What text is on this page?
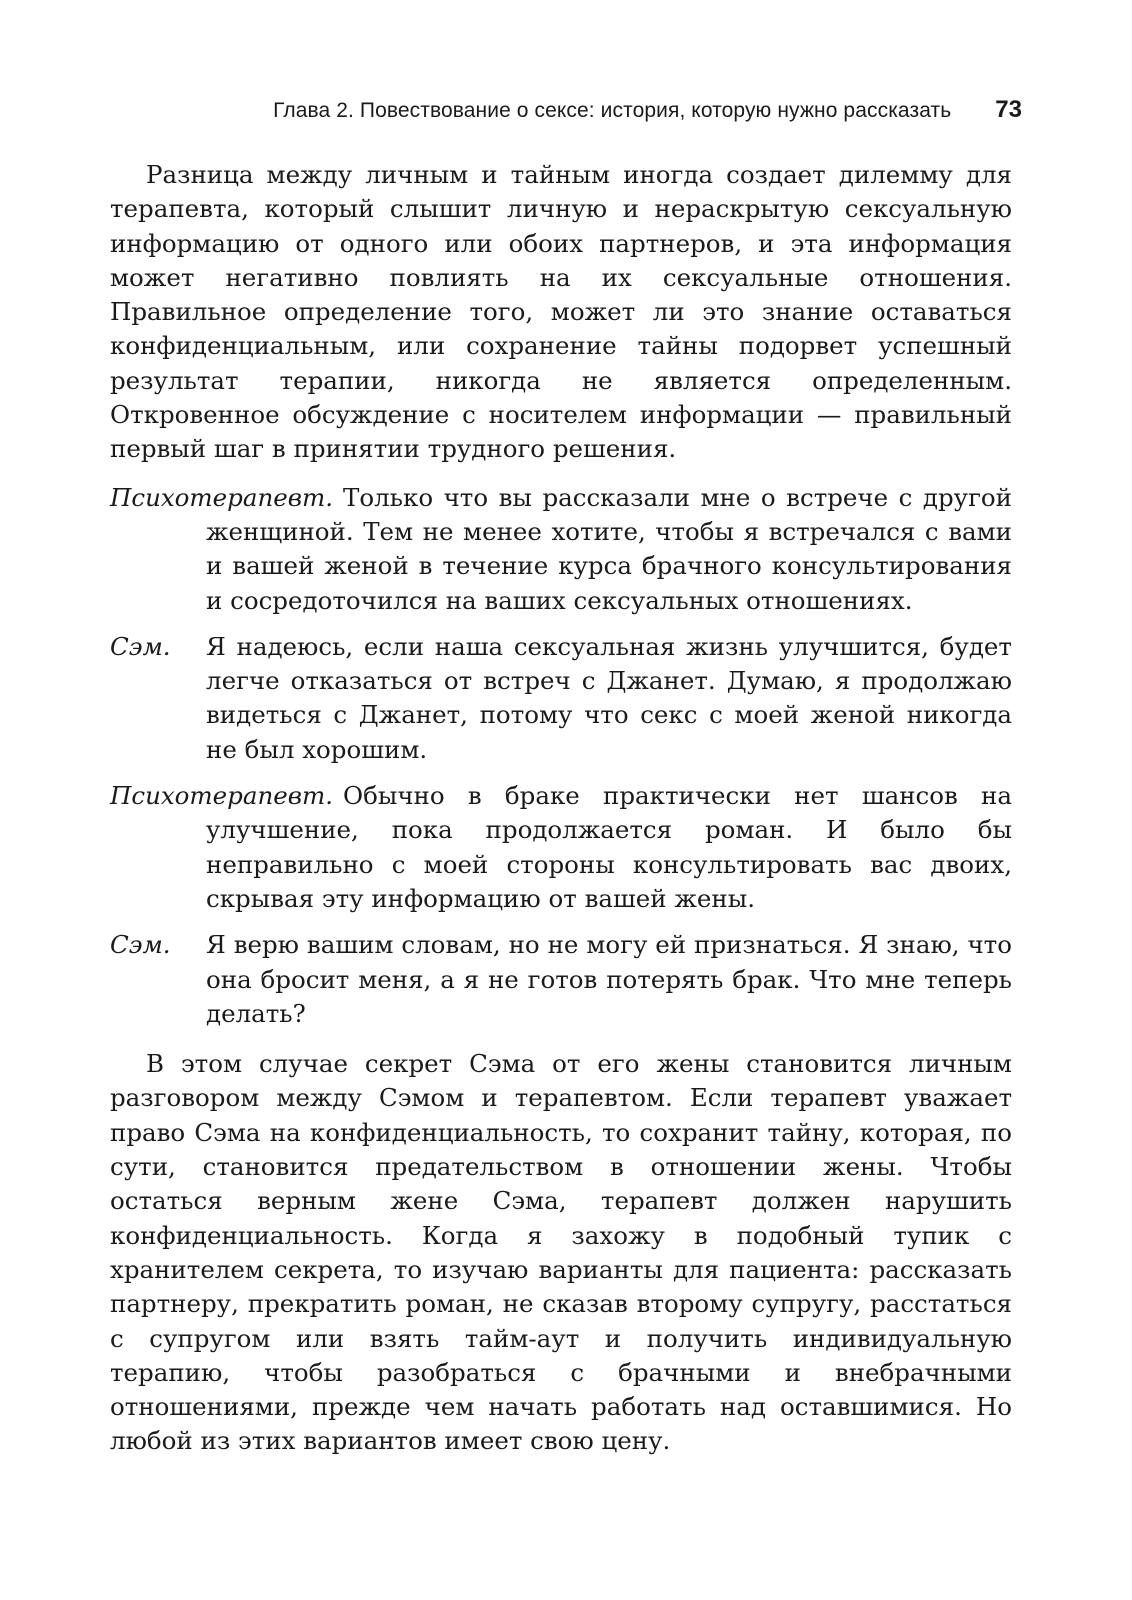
Глава 2. Повествование о сексе: история, которую нужно рассказать 73

Разница между личным и тайным иногда создает дилемму для терапевта, который слышит личную и нераскрытую сексуальную информацию от одного или обоих партнеров, и эта информация может негативно повлиять на их сексуальные отношения. Правильное определение того, может ли это знание оставаться конфиденциальным, или сохранение тайны подорвет успешный результат терапии, никогда не является определенным. Откровенное обсуждение с носителем информации — правильный первый шаг в принятии трудного решения.

Психотерапевт. Только что вы рассказали мне о встрече с другой женщиной. Тем не менее хотите, чтобы я встречался с вами и вашей женой в течение курса брачного консультирования и сосредоточился на ваших сексуальных отношениях.

Сэм. Я надеюсь, если наша сексуальная жизнь улучшится, будет легче отказаться от встреч с Джанет. Думаю, я продолжаю видеться с Джанет, потому что секс с моей женой никогда не был хорошим.

Психотерапевт. Обычно в браке практически нет шансов на улучшение, пока продолжается роман. И было бы неправильно с моей стороны консультировать вас двоих, скрывая эту информацию от вашей жены.

Сэм. Я верю вашим словам, но не могу ей признаться. Я знаю, что она бросит меня, а я не готов потерять брак. Что мне теперь делать?

В этом случае секрет Сэма от его жены становится личным разговором между Сэмом и терапевтом. Если терапевт уважает право Сэма на конфиденциальность, то сохранит тайну, которая, по сути, становится предательством в отношении жены. Чтобы остаться верным жене Сэма, терапевт должен нарушить конфиденциальность. Когда я захожу в подобный тупик с хранителем секрета, то изучаю варианты для пациента: рассказать партнеру, прекратить роман, не сказав второму супругу, расстаться с супругом или взять тайм-аут и получить индивидуальную терапию, чтобы разобраться с брачными и внебрачными отношениями, прежде чем начать работать над оставшимися. Но любой из этих вариантов имеет свою цену.
